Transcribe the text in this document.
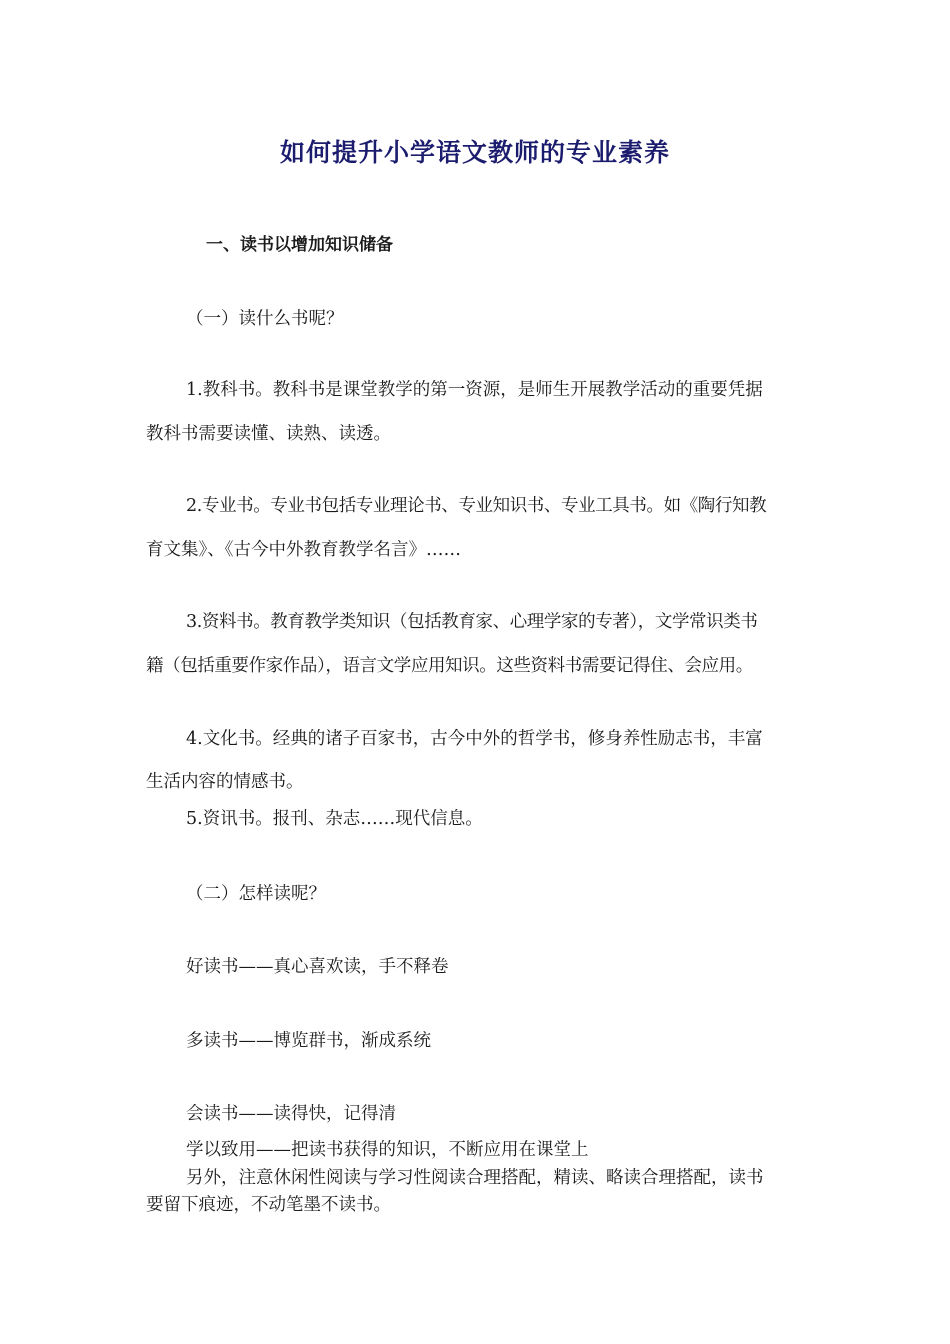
如何提升小学语文教师的专业素养
一、读书以增加知识储备
（一）读什么书呢？
1.教科书。教科书是课堂教学的第一资源，是师生开展教学活动的重要凭据
教科书需要读懂、读熟、读透。
2.专业书。专业书包括专业理论书、专业知识书、专业工具书。如《陶行知教
育文集》、《古今中外教育教学名言》……
3.资料书。教育教学类知识（包括教育家、心理学家的专著），文学常识类书
籍（包括重要作家作品），语言文学应用知识。这些资料书需要记得住、会应用。
4.文化书。经典的诸子百家书，古今中外的哲学书，修身养性励志书，丰富
生活内容的情感书。
5.资讯书。报刊、杂志……现代信息。
（二）怎样读呢？
好读书——真心喜欢读，手不释卷
多读书——博览群书，渐成系统
会读书——读得快，记得清
学以致用——把读书获得的知识，不断应用在课堂上
另外，注意休闲性阅读与学习性阅读合理搭配，精读、略读合理搭配，读书
要留下痕迹，不动笔墨不读书。
